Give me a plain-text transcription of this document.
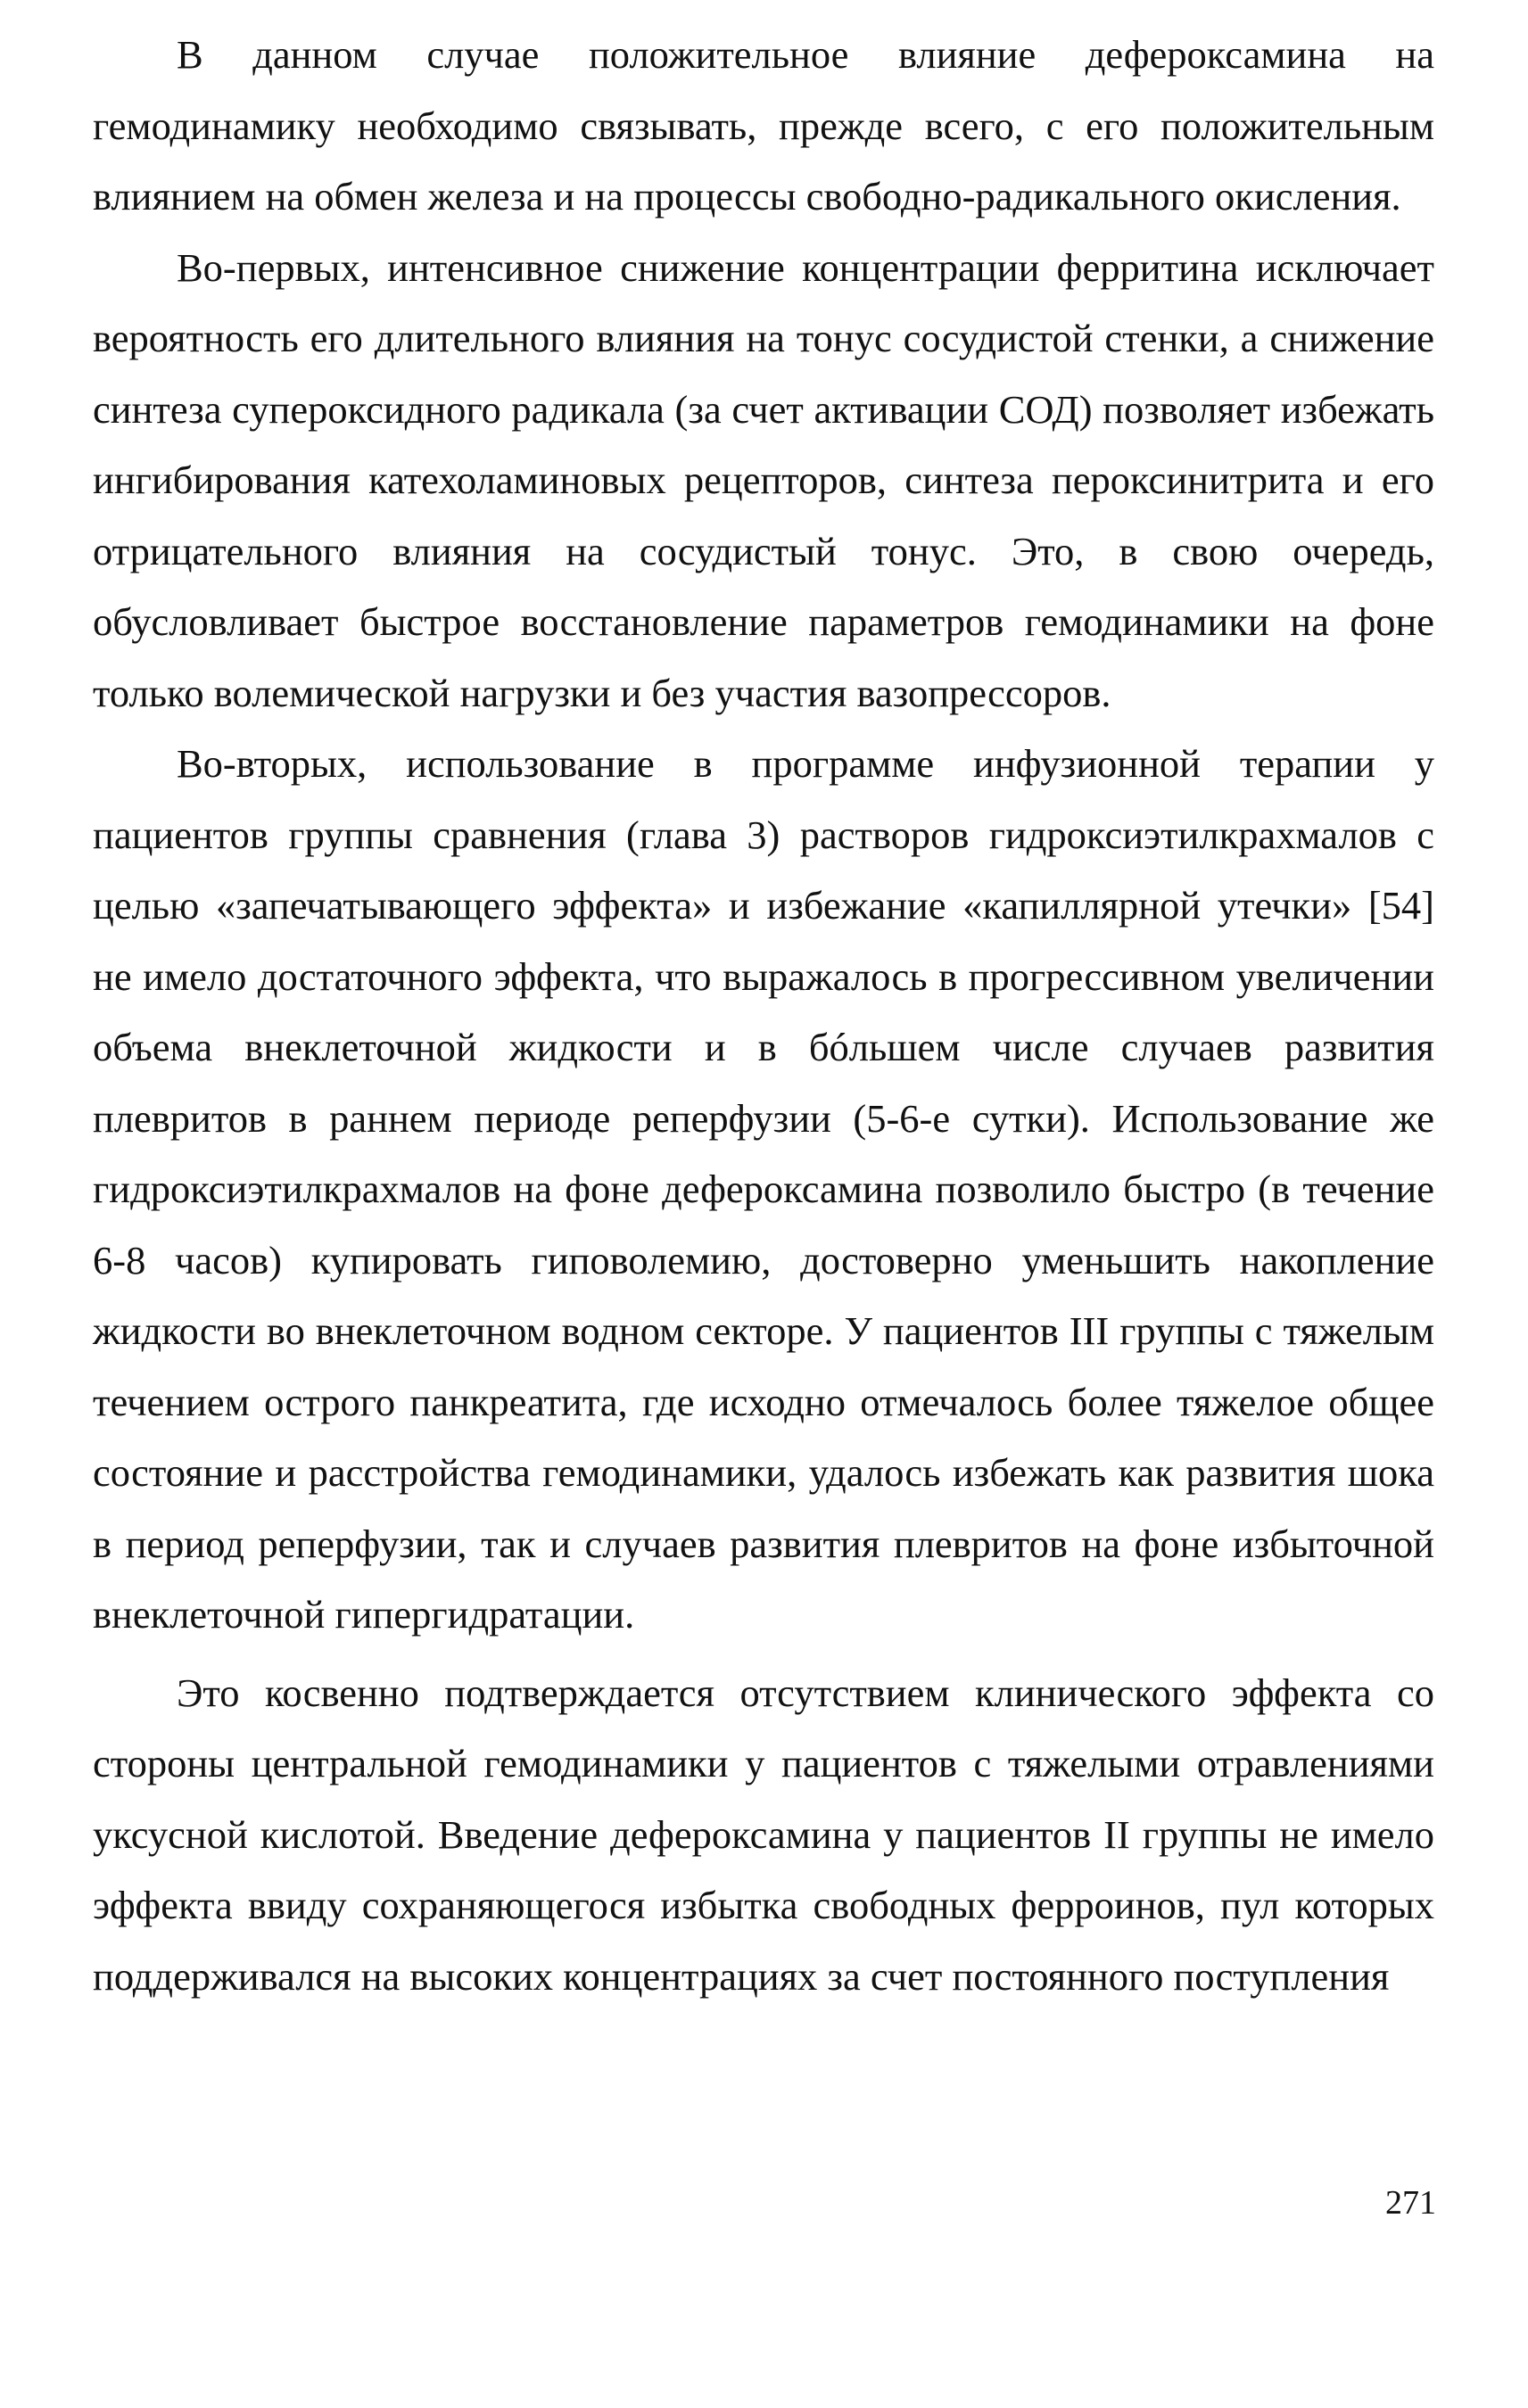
В данном случае положительное влияние дефероксамина на гемодинамику необходимо связывать, прежде всего, с его положительным влиянием на обмен железа и на процессы свободно-радикального окисления.

Во-первых, интенсивное снижение концентрации ферритина исключает вероятность его длительного влияния на тонус сосудистой стенки, а снижение синтеза супероксидного радикала (за счет активации СОД) позволяет избежать ингибирования катехоламиновых рецепторов, синтеза пероксинитрита и его отрицательного влияния на сосудистый тонус. Это, в свою очередь, обусловливает быстрое восстановление параметров гемодинамики на фоне только волемической нагрузки и без участия вазопрессоров.

Во-вторых, использование в программе инфузионной терапии у пациентов группы сравнения (глава 3) растворов гидроксиэтилкрахмалов с целью «запечатывающего эффекта» и избежание «капиллярной утечки» [54] не имело достаточного эффекта, что выражалось в прогрессивном увеличении объема внеклеточной жидкости и в бóльшем числе случаев развития плевритов в раннем периоде реперфузии (5-6-е сутки). Использование же гидроксиэтилкрахмалов на фоне дефероксамина позволило быстро (в течение 6-8 часов) купировать гиповолемию, достоверно уменьшить накопление жидкости во внеклеточном водном секторе. У пациентов III группы с тяжелым течением острого панкреатита, где исходно отмечалось более тяжелое общее состояние и расстройства гемодинамики, удалось избежать как развития шока в период реперфузии, так и случаев развития плевритов на фоне избыточной внеклеточной гипергидратации.

Это косвенно подтверждается отсутствием клинического эффекта со стороны центральной гемодинамики у пациентов с тяжелыми отравлениями уксусной кислотой. Введение дефероксамина у пациентов II группы не имело эффекта ввиду сохраняющегося избытка свободных ферроинов, пул которых поддерживался на высоких концентрациях за счет постоянного поступления

271
